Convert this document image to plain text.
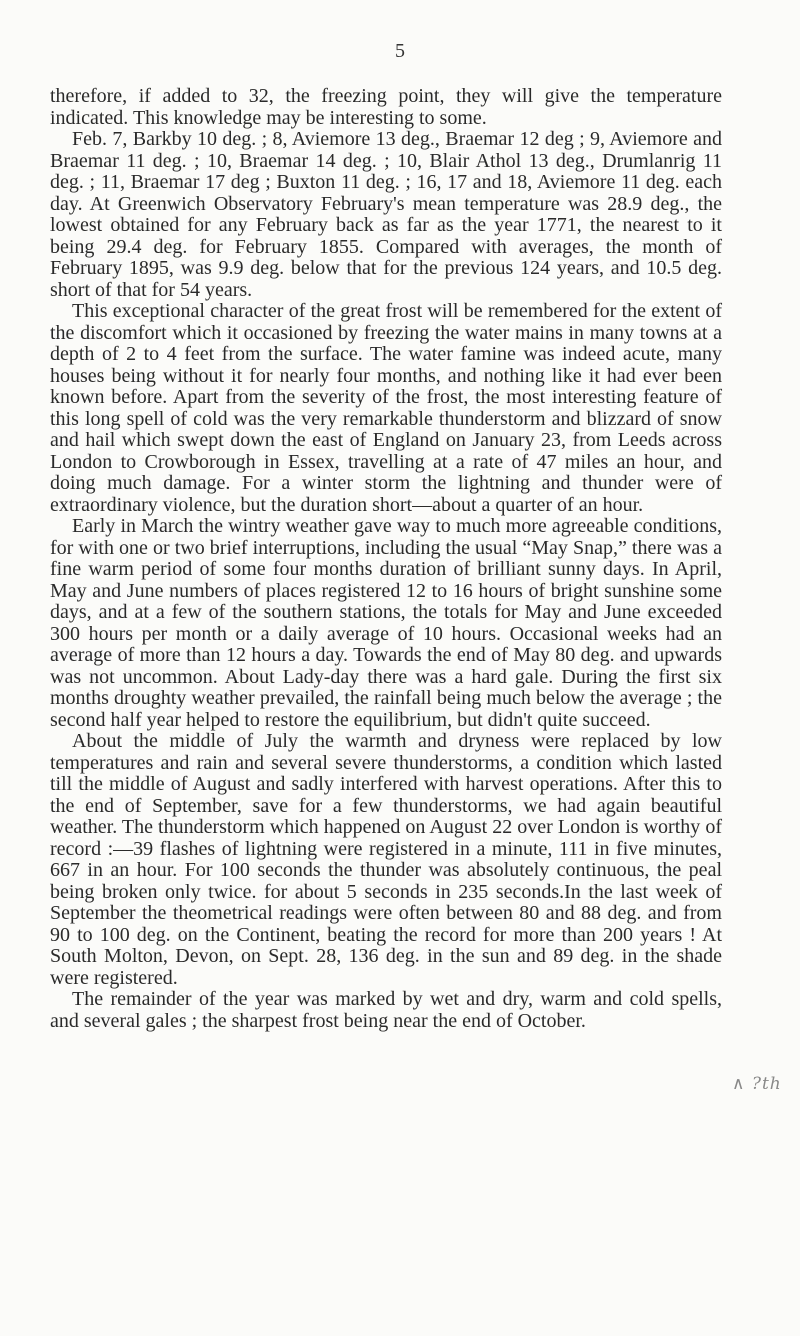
5

therefore, if added to 32, the freezing point, they will give the temperature indicated. This knowledge may be interesting to some.

Feb. 7, Barkby 10 deg. ; 8, Aviemore 13 deg., Braemar 12 deg ; 9, Aviemore and Braemar 11 deg. ; 10, Braemar 14 deg. ; 10, Blair Athol 13 deg., Drumlanrig 11 deg. ; 11, Braemar 17 deg ; Buxton 11 deg. ; 16, 17 and 18, Aviemore 11 deg. each day. At Greenwich Observatory February's mean temperature was 28.9 deg., the lowest obtained for any February back as far as the year 1771, the nearest to it being 29.4 deg. for February 1855. Compared with averages, the month of February 1895, was 9.9 deg. below that for the previous 124 years, and 10.5 deg. short of that for 54 years.

This exceptional character of the great frost will be remembered for the extent of the discomfort which it occasioned by freezing the water mains in many towns at a depth of 2 to 4 feet from the surface. The water famine was indeed acute, many houses being without it for nearly four months, and nothing like it had ever been known before. Apart from the severity of the frost, the most interesting feature of this long spell of cold was the very remarkable thunderstorm and blizzard of snow and hail which swept down the east of England on January 23, from Leeds across London to Crowborough in Essex, travelling at a rate of 47 miles an hour, and doing much damage. For a winter storm the lightning and thunder were of extraordinary violence, but the duration short—about a quarter of an hour.

Early in March the wintry weather gave way to much more agreeable conditions, for with one or two brief interruptions, including the usual “May Snap,” there was a fine warm period of some four months duration of brilliant sunny days. In April, May and June numbers of places registered 12 to 16 hours of bright sunshine some days, and at a few of the southern stations, the totals for May and June exceeded 300 hours per month or a daily average of 10 hours. Occasional weeks had an average of more than 12 hours a day. Towards the end of May 80 deg. and upwards was not uncommon. About Lady-day there was a hard gale. During the first six months droughty weather prevailed, the rainfall being much below the average ; the second half year helped to restore the equilibrium, but didn't quite succeed.

About the middle of July the warmth and dryness were replaced by low temperatures and rain and several severe thunderstorms, a condition which lasted till the middle of August and sadly interfered with harvest operations. After this to the end of September, save for a few thunderstorms, we had again beautiful weather. The thunderstorm which happened on August 22 over London is worthy of record :—39 flashes of lightning were registered in a minute, 111 in five minutes, 667 in an hour. For 100 seconds the thunder was absolutely continuous, the peal being broken only twice. for about 5 seconds in 235 seconds.In the last week of September the theometrical readings were often between 80 and 88 deg. and from 90 to 100 deg. on the Continent, beating the record for more than 200 years ! At South Molton, Devon, on Sept. 28, 136 deg. in the sun and 89 deg. in the shade were registered.

The remainder of the year was marked by wet and dry, warm and cold spells, and several gales ; the sharpest frost being near the end of October.

∧ ?th
